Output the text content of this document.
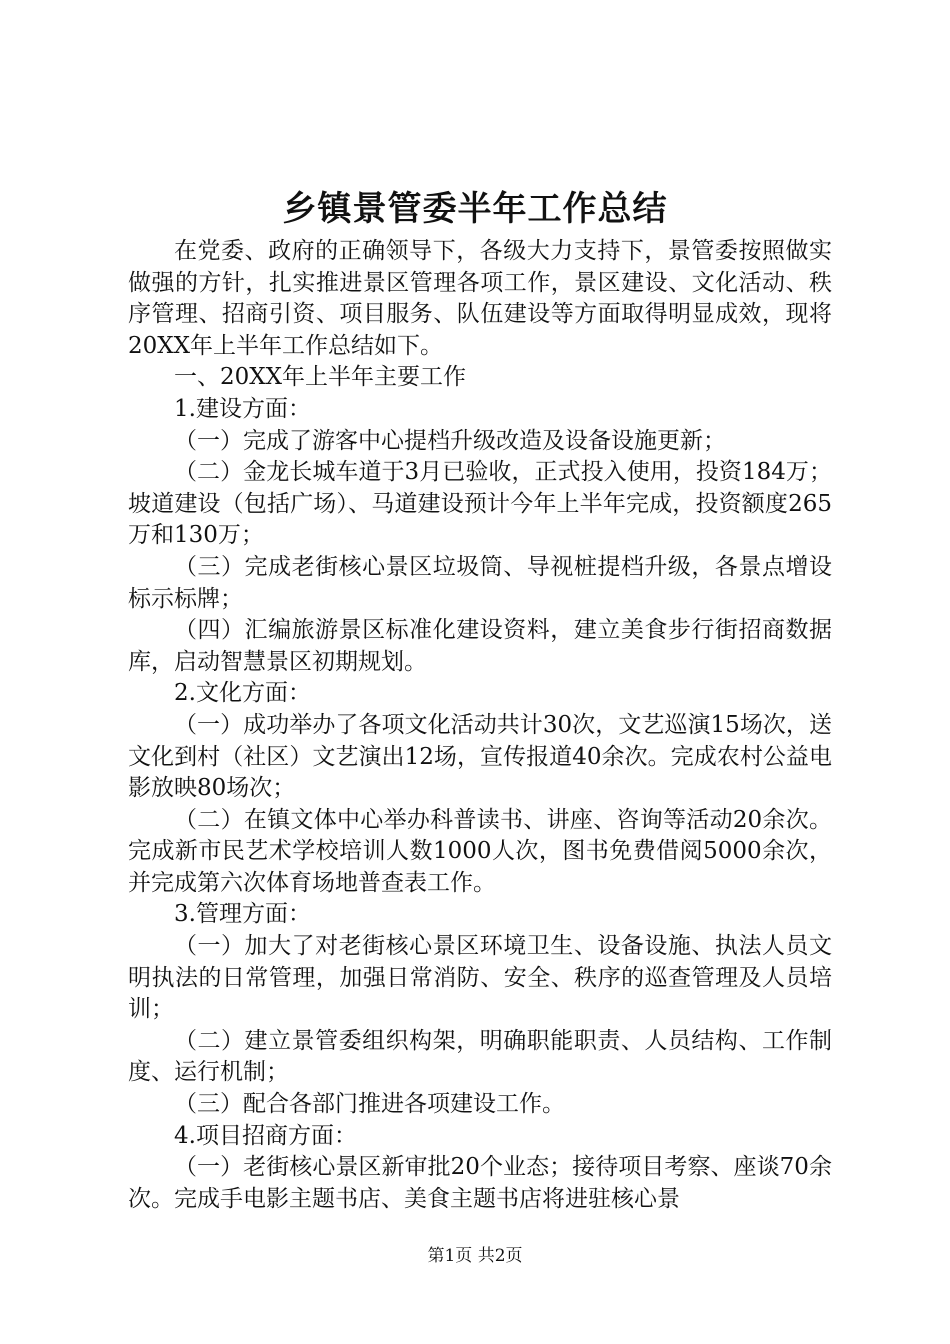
乡镇景管委半年工作总结

在党委、政府的正确领导下，各级大力支持下，景管委按照做实做强的方针，扎实推进景区管理各项工作，景区建设、文化活动、秩序管理、招商引资、项目服务、队伍建设等方面取得明显成效，现将20XX年上半年工作总结如下。

一、20XX年上半年主要工作

1.建设方面：

（一）完成了游客中心提档升级改造及设备设施更新；

（二）金龙长城车道于3月已验收，正式投入使用，投资184万；坡道建设（包括广场）、马道建设预计今年上半年完成，投资额度265万和130万；

（三）完成老街核心景区垃圾筒、导视桩提档升级，各景点增设标示标牌；

（四）汇编旅游景区标准化建设资料，建立美食步行街招商数据库，启动智慧景区初期规划。

2.文化方面：

（一）成功举办了各项文化活动共计30次，文艺巡演15场次，送文化到村（社区）文艺演出12场，宣传报道40余次。完成农村公益电影放映80场次；

（二）在镇文体中心举办科普读书、讲座、咨询等活动20余次。完成新市民艺术学校培训人数1000人次，图书免费借阅5000余次，并完成第六次体育场地普查表工作。

3.管理方面：

（一）加大了对老街核心景区环境卫生、设备设施、执法人员文明执法的日常管理，加强日常消防、安全、秩序的巡查管理及人员培训；

（二）建立景管委组织构架，明确职能职责、人员结构、工作制度、运行机制；

（三）配合各部门推进各项建设工作。

4.项目招商方面：

（一）老街核心景区新审批20个业态；接待项目考察、座谈70余次。完成手电影主题书店、美食主题书店将进驻核心景

第1页 共2页
